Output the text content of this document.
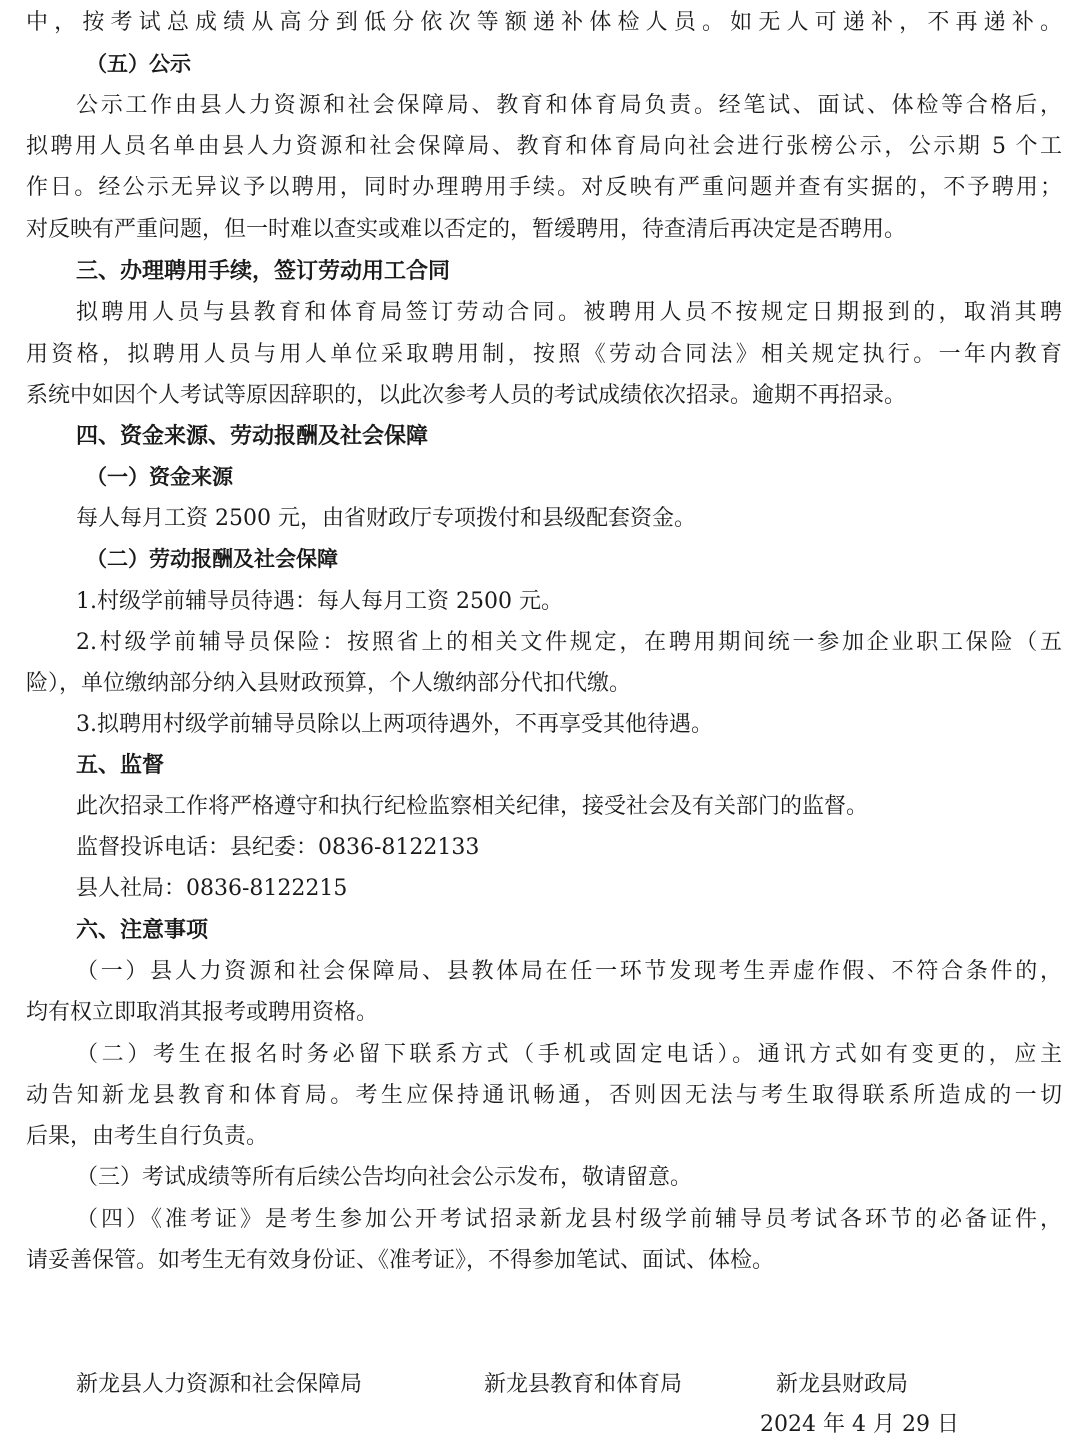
中，按考试总成绩从高分到低分依次等额递补体检人员。如无人可递补，不再递补。
（五）公示
公示工作由县人力资源和社会保障局、教育和体育局负责。经笔试、面试、体检等合格后，
拟聘用人员名单由县人力资源和社会保障局、教育和体育局向社会进行张榜公示，公示期 5 个工
作日。经公示无异议予以聘用，同时办理聘用手续。对反映有严重问题并查有实据的，不予聘用；
对反映有严重问题，但一时难以查实或难以否定的，暂缓聘用，待查清后再决定是否聘用。
三、办理聘用手续，签订劳动用工合同
拟聘用人员与县教育和体育局签订劳动合同。被聘用人员不按规定日期报到的，取消其聘
用资格，拟聘用人员与用人单位采取聘用制，按照《劳动合同法》相关规定执行。一年内教育
系统中如因个人考试等原因辞职的，以此次参考人员的考试成绩依次招录。逾期不再招录。
四、资金来源、劳动报酬及社会保障
（一）资金来源
每人每月工资 2500 元，由省财政厅专项拨付和县级配套资金。
（二）劳动报酬及社会保障
1.村级学前辅导员待遇：每人每月工资 2500 元。
2.村级学前辅导员保险：按照省上的相关文件规定，在聘用期间统一参加企业职工保险（五
险），单位缴纳部分纳入县财政预算，个人缴纳部分代扣代缴。
3.拟聘用村级学前辅导员除以上两项待遇外，不再享受其他待遇。
五、监督
此次招录工作将严格遵守和执行纪检监察相关纪律，接受社会及有关部门的监督。
监督投诉电话：县纪委：0836-8122133
县人社局：0836-8122215
六、注意事项
（一）县人力资源和社会保障局、县教体局在任一环节发现考生弄虚作假、不符合条件的，
均有权立即取消其报考或聘用资格。
（二）考生在报名时务必留下联系方式（手机或固定电话）。通讯方式如有变更的，应主
动告知新龙县教育和体育局。考生应保持通讯畅通，否则因无法与考生取得联系所造成的一切
后果，由考生自行负责。
（三）考试成绩等所有后续公告均向社会公示发布，敬请留意。
（四）《准考证》是考生参加公开考试招录新龙县村级学前辅导员考试各环节的必备证件，
请妥善保管。如考生无有效身份证、《准考证》，不得参加笔试、面试、体检。
新龙县人力资源和社会保障局	新龙县教育和体育局	新龙县财政局
2024 年 4 月 29 日
